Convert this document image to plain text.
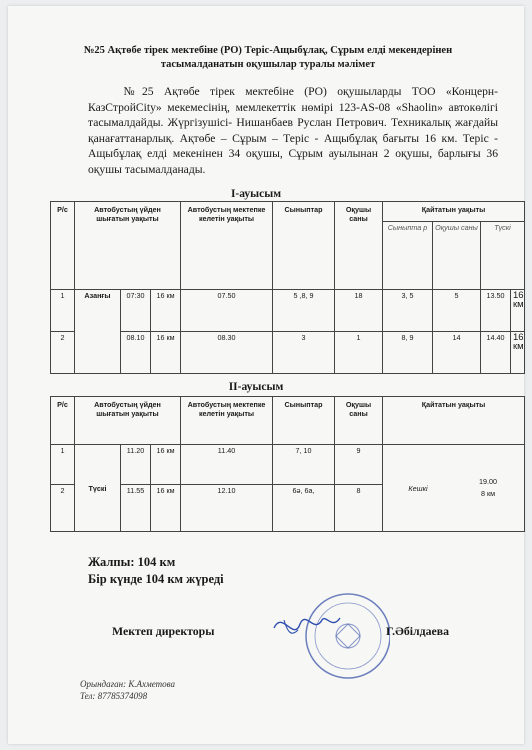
№25 Ақтөбе тірек мектебіне (РО) Теріс-Ащыбұлақ, Сұрым елді мекендерінен тасымалданатын оқушылар туралы мәлімет
№25 Ақтөбе тірек мектебіне (РО) оқушыларды ТОО «Концерн-КазСтройCity» мекемесінің, мемлекеттік нөмірі 123-AS-08 «Shaolin» автокөлігі тасымалдайды. Жүргізушісі- Нишанбаев Руслан Петрович. Техникалық жағдайы қанағаттанарлық. Ақтөбе – Сұрым – Теріс - Ащыбұлақ бағыты 16 км. Теріс - Ащыбұлақ елді мекенінен 34 оқушы, Сұрым ауылынан 2 оқушы, барлығы 36 оқушы тасымалданады.
I-ауысым
Р/с	Автобустың үйден шығатын уақыты			Автобустың мектепке келетін уақыты	Сыныптар	Оқушы саны	Қайтатын уақыты			
							Сыныпта р	Оқушы саны	Түскі	
1	Азанғы	07:30	16 км	07.50	5 ,8, 9	18	3, 5	5	13.50	16 км
2		08.10	16 км	08.30	3	1	8, 9	14	14.40	16 км
II-ауысым
Р/с	Автобустың үйден шығатын уақыты			Автобустың мектепке келетін уақыты	Сыныптар	Оқушы саны	Қайтатын уақыты
1	Түскі	11.20	16 км	11.40	7, 10	9	Кешкі
19.00
8 км

2		11.55	16 км	12.10	6ә, 6а,	8	
Жалпы: 104 км
Бір күнде 104 км жүреді
Мектеп директоры	Г.Әбілдаева
Орындаған: К.Ахметова
Тел: 87785374098
